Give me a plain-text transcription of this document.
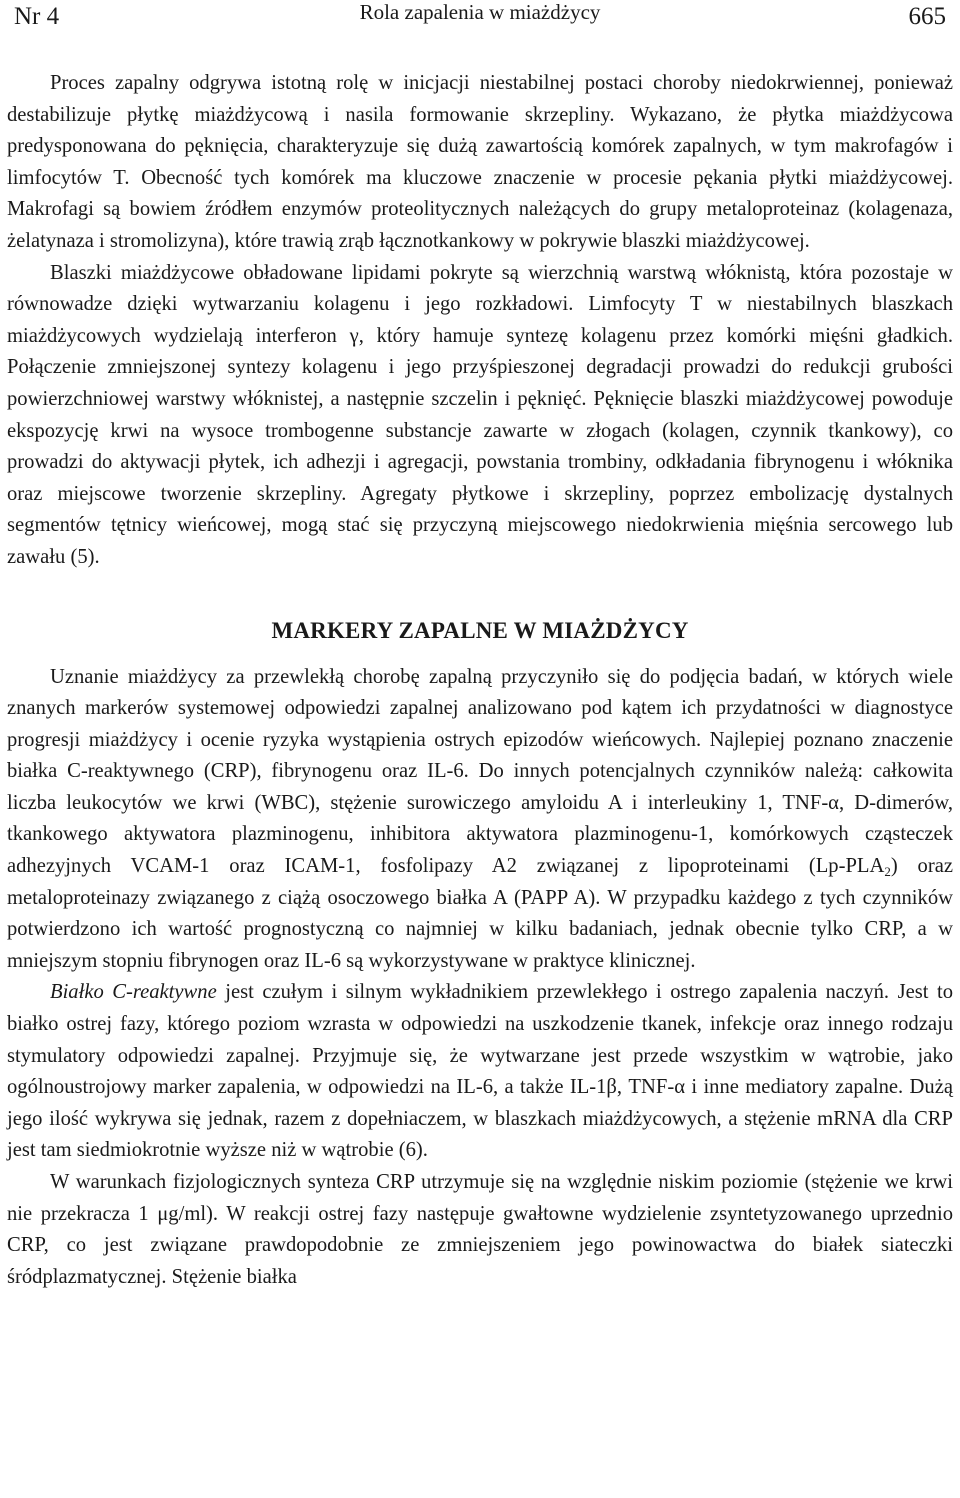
Nr 4	Rola zapalenia w miażdżycy	665

Proces zapalny odgrywa istotną rolę w inicjacji niestabilnej postaci choroby niedokrwiennej, ponieważ destabilizuje płytkę miażdżycową i nasila formowanie skrzepliny. Wykazano, że płytka miażdżycowa predysponowana do pęknięcia, charakteryzuje się dużą zawartością komórek zapalnych, w tym makrofagów i limfocytów T. Obecność tych komórek ma kluczowe znaczenie w procesie pękania płytki miażdżycowej. Makrofagi są bowiem źródłem enzymów proteolitycznych należących do grupy metaloproteinaz (kolagenaza, żelatynaza i stromolizyna), które trawią zrąb łącznotkankowy w pokrywie blaszki miażdżycowej.

Blaszki miażdżycowe obładowane lipidami pokryte są wierzchnią warstwą włóknistą, która pozostaje w równowadze dzięki wytwarzaniu kolagenu i jego rozkładowi. Limfocyty T w niestabilnych blaszkach miażdżycowych wydzielają interferon γ, który hamuje syntezę kolagenu przez komórki mięśni gładkich. Połączenie zmniejszonej syntezy kolagenu i jego przyśpieszonej degradacji prowadzi do redukcji grubości powierzchniowej warstwy włóknistej, a następnie szczelin i pęknięć. Pęknięcie blaszki miażdżycowej powoduje ekspozycję krwi na wysoce trombogenne substancje zawarte w złogach (kolagen, czynnik tkankowy), co prowadzi do aktywacji płytek, ich adhezji i agregacji, powstania trombiny, odkładania fibrynogenu i włóknika oraz miejscowe tworzenie skrzepliny. Agregaty płytkowe i skrzepliny, poprzez embolizację dystalnych segmentów tętnicy wieńcowej, mogą stać się przyczyną miejscowego niedokrwienia mięśnia sercowego lub zawału (5).

MARKERY ZAPALNE W MIAŻDŻYCY

Uznanie miażdżycy za przewlekłą chorobę zapalną przyczyniło się do podjęcia badań, w których wiele znanych markerów systemowej odpowiedzi zapalnej analizowano pod kątem ich przydatności w diagnostyce progresji miażdżycy i ocenie ryzyka wystąpienia ostrych epizodów wieńcowych. Najlepiej poznano znaczenie białka C-reaktywnego (CRP), fibrynogenu oraz IL-6. Do innych potencjalnych czynników należą: całkowita liczba leukocytów we krwi (WBC), stężenie surowiczego amyloidu A i interleukiny 1, TNF-α, D-dimerów, tkankowego aktywatora plazminogenu, inhibitora aktywatora plazminogenu-1, komórkowych cząsteczek adhezyjnych VCAM-1 oraz ICAM-1, fosfolipazy A2 związanej z lipoproteinami $(Lp-PLA_2)$ oraz metaloproteinazy związanego z ciążą osoczowego białka A (PAPP A). W przypadku każdego z tych czynników potwierdzono ich wartość prognostyczną co najmniej w kilku badaniach, jednak obecnie tylko CRP, a w mniejszym stopniu fibrynogen oraz IL-6 są wykorzystywane w praktyce klinicznej.

Białko C-reaktywne jest czułym i silnym wykładnikiem przewlekłego i ostrego zapalenia naczyń. Jest to białko ostrej fazy, którego poziom wzrasta w odpowiedzi na uszkodzenie tkanek, infekcje oraz innego rodzaju stymulatory odpowiedzi zapalnej. Przyjmuje się, że wytwarzane jest przede wszystkim w wątrobie, jako ogólnoustrojowy marker zapalenia, w odpowiedzi na IL-6, a także IL-1β, TNF-α i inne mediatory zapalne. Dużą jego ilość wykrywa się jednak, razem z dopełniaczem, w blaszkach miażdżycowych, a stężenie mRNA dla CRP jest tam siedmiokrotnie wyższe niż w wątrobie (6).

W warunkach fizjologicznych synteza CRP utrzymuje się na względnie niskim poziomie (stężenie we krwi nie przekracza 1 μg/ml). W reakcji ostrej fazy następuje gwałtowne wydzielenie zsyntetyzowanego uprzednio CRP, co jest związane prawdopodobnie ze zmniejszeniem jego powinowactwa do białek siateczki śródplazmatycznej. Stężenie białka
